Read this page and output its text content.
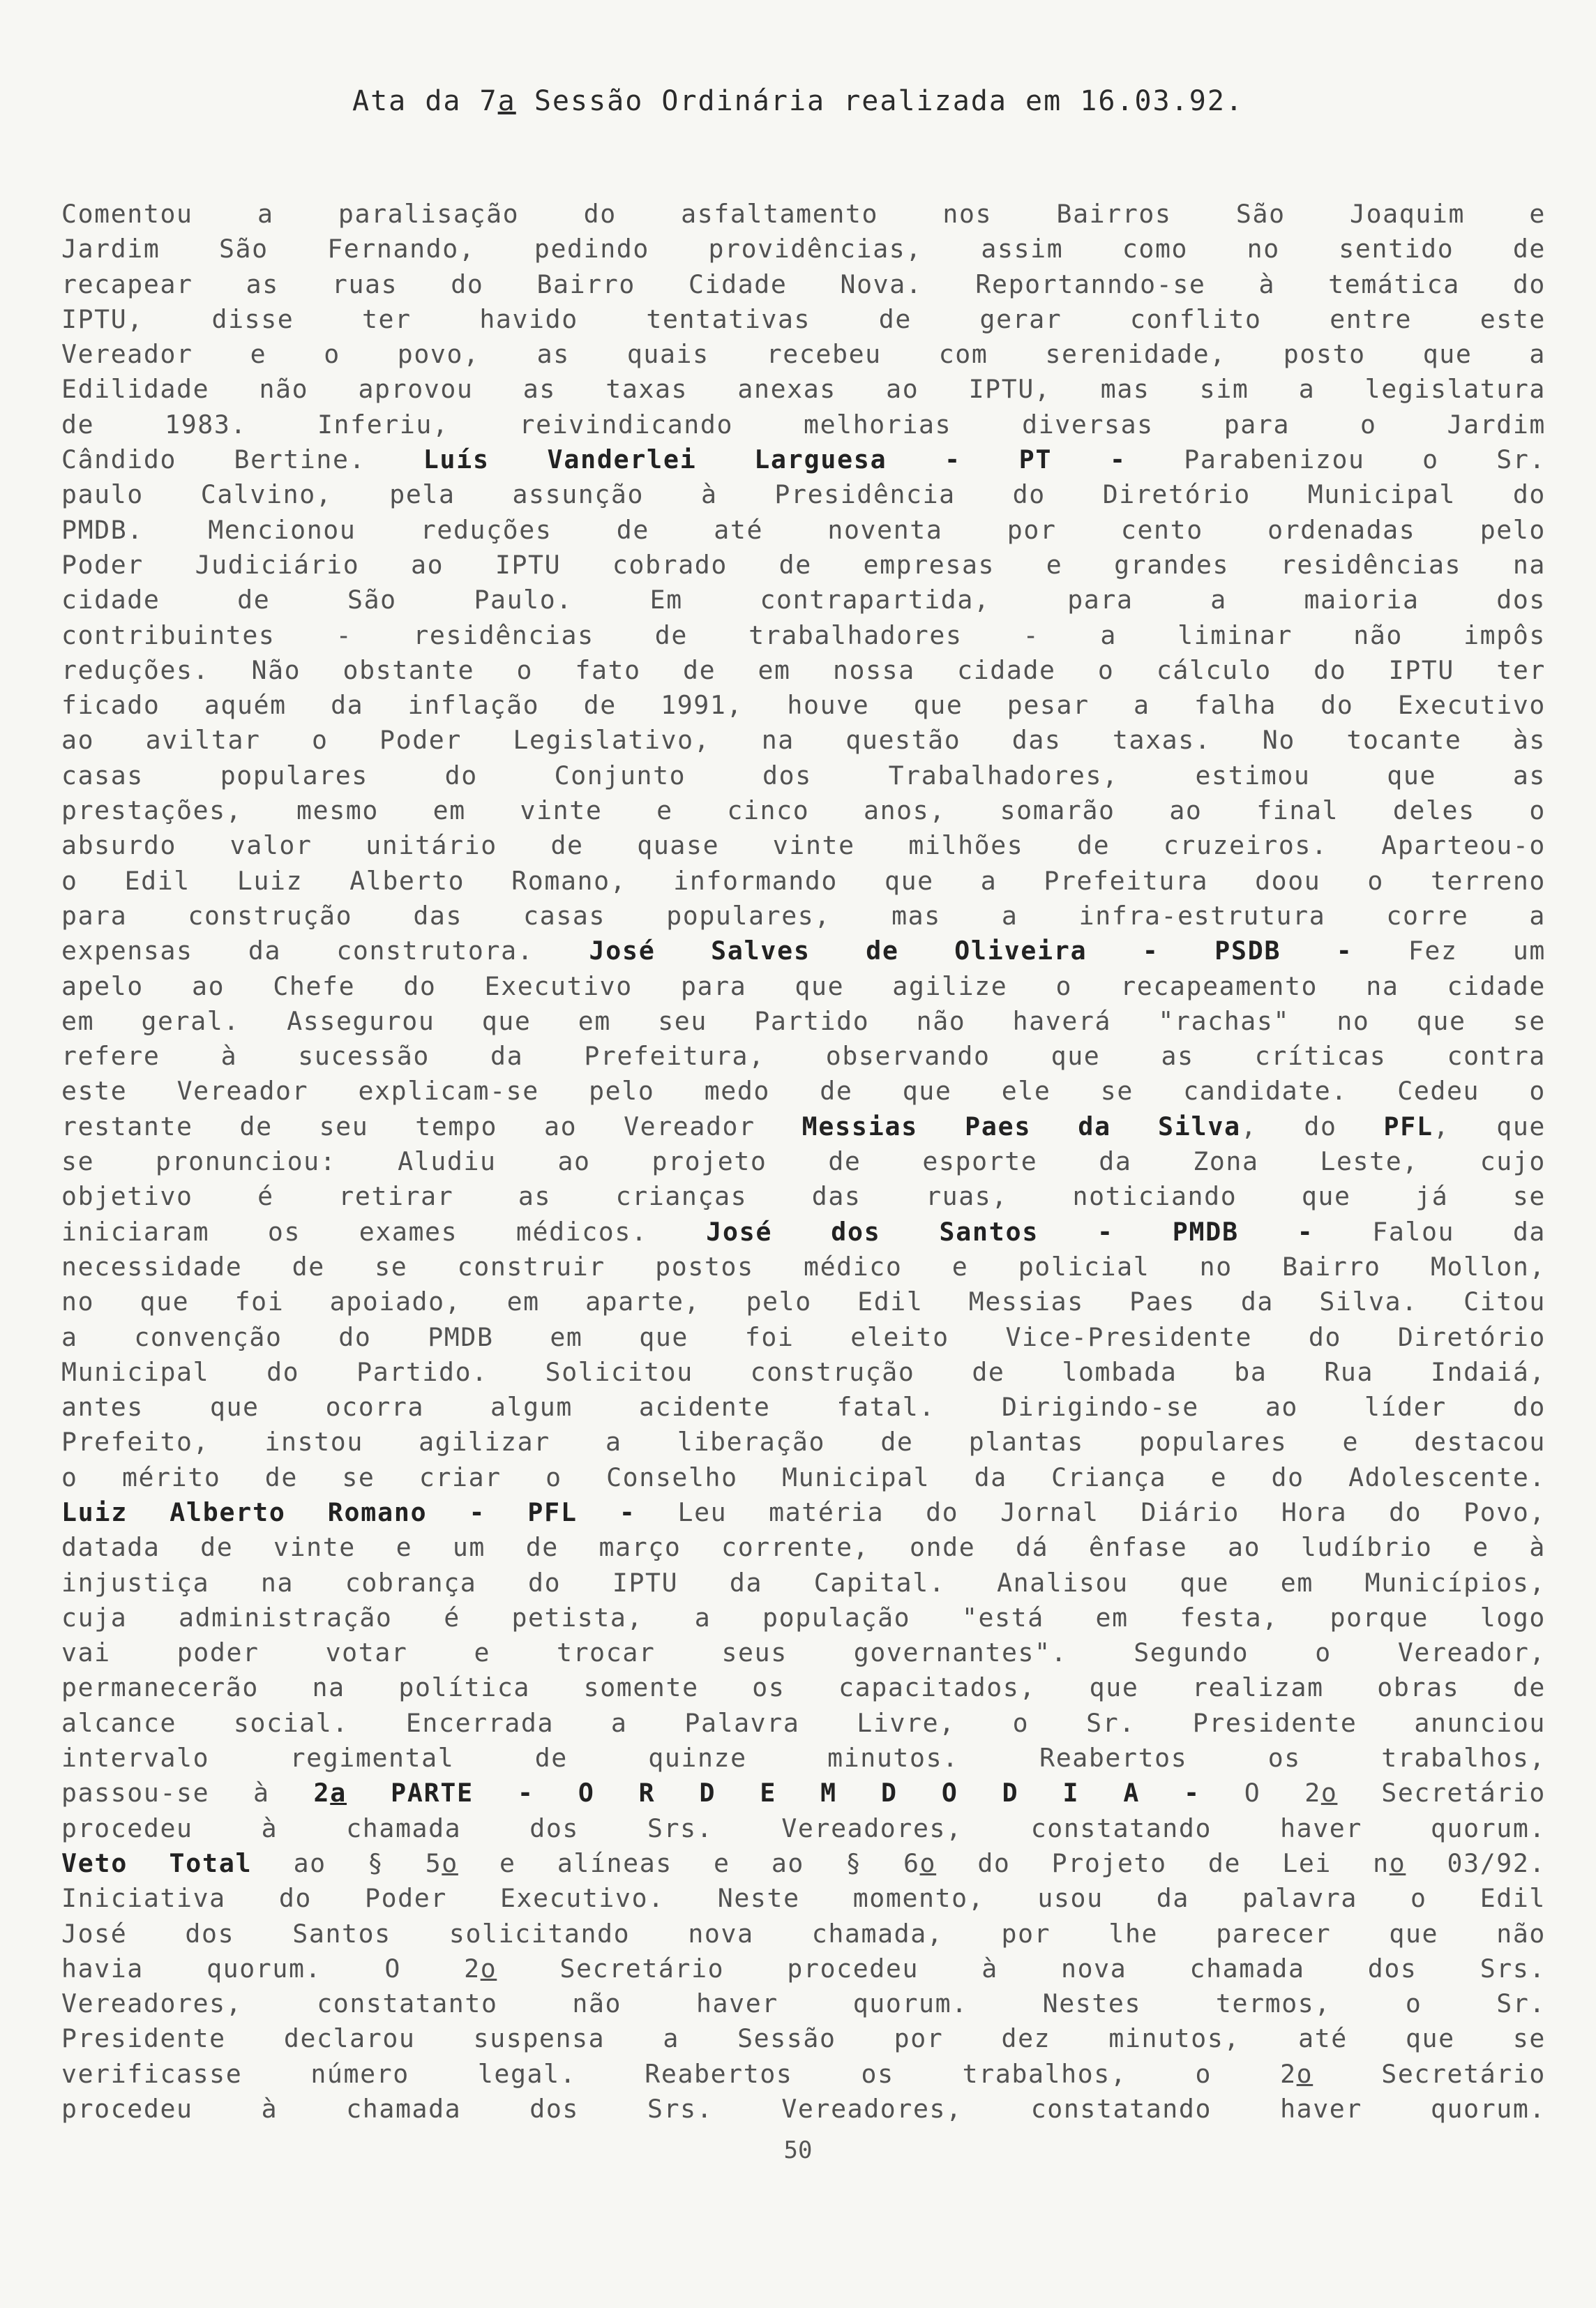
Ata da 7a Sessão Ordinária realizada em 16.03.92.
Comentou a paralisação do asfaltamento nos Bairros São Joaquim e
Jardim São Fernando, pedindo providências, assim como no sentido de
recapear as ruas do Bairro Cidade Nova. Reportanndo-se à temática do
IPTU, disse ter havido tentativas de gerar conflito entre este
Vereador e o povo, as quais recebeu com serenidade, posto que a
Edilidade não aprovou as taxas anexas ao IPTU, mas sim a legislatura
de 1983. Inferiu, reivindicando melhorias diversas para o Jardim
Cândido Bertine. Luís Vanderlei Larguesa - PT - Parabenizou o Sr.
paulo Calvino, pela assunção à Presidência do Diretório Municipal do
PMDB. Mencionou reduções de até noventa por cento ordenadas pelo
Poder Judiciário ao IPTU cobrado de empresas e grandes residências na
cidade de São Paulo. Em contrapartida, para a maioria dos
contribuintes - residências de trabalhadores - a liminar não impôs
reduções. Não obstante o fato de em nossa cidade o cálculo do IPTU ter
ficado aquém da inflação de 1991, houve que pesar a falha do Executivo
ao aviltar o Poder Legislativo, na questão das taxas. No tocante às
casas populares do Conjunto dos Trabalhadores, estimou que as
prestações, mesmo em vinte e cinco anos, somarão ao final deles o
absurdo valor unitário de quase vinte milhões de cruzeiros. Aparteou-o
o Edil Luiz Alberto Romano, informando que a Prefeitura doou o terreno
para construção das casas populares, mas a infra-estrutura corre a
expensas da construtora. José Salves de Oliveira - PSDB - Fez um
apelo ao Chefe do Executivo para que agilize o recapeamento na cidade
em geral. Assegurou que em seu Partido não haverá "rachas" no que se
refere à sucessão da Prefeitura, observando que as críticas contra
este Vereador explicam-se pelo medo de que ele se candidate. Cedeu o
restante de seu tempo ao Vereador Messias Paes da Silva, do PFL, que
se pronunciou: Aludiu ao projeto de esporte da Zona Leste, cujo
objetivo é retirar as crianças das ruas, noticiando que já se
iniciaram os exames médicos. José dos Santos - PMDB - Falou da
necessidade de se construir postos médico e policial no Bairro Mollon,
no que foi apoiado, em aparte, pelo Edil Messias Paes da Silva. Citou
a convenção do PMDB em que foi eleito Vice-Presidente do Diretório
Municipal do Partido. Solicitou construção de lombada ba Rua Indaiá,
antes que ocorra algum acidente fatal. Dirigindo-se ao líder do
Prefeito, instou agilizar a liberação de plantas populares e destacou
o mérito de se criar o Conselho Municipal da Criança e do Adolescente.
Luiz Alberto Romano - PFL - Leu matéria do Jornal Diário Hora do Povo,
datada de vinte e um de março corrente, onde dá ênfase ao ludíbrio e à
injustiça na cobrança do IPTU da Capital. Analisou que em Municípios,
cuja administração é petista, a população "está em festa, porque logo
vai poder votar e trocar seus governantes". Segundo o Vereador,
permanecerão na política somente os capacitados, que realizam obras de
alcance social. Encerrada a Palavra Livre, o Sr. Presidente anunciou
intervalo regimental de quinze minutos. Reabertos os trabalhos,
passou-se à 2a PARTE - O R D E M D O D I A - O 2o Secretário
procedeu à chamada dos Srs. Vereadores, constatando haver quorum.
Veto Total ao § 5o e alíneas e ao § 6o do Projeto de Lei no 03/92.
Iniciativa do Poder Executivo. Neste momento, usou da palavra o Edil
José dos Santos solicitando nova chamada, por lhe parecer que não
havia quorum. O 2o Secretário procedeu à nova chamada dos Srs.
Vereadores, constatanto não haver quorum. Nestes termos, o Sr.
Presidente declarou suspensa a Sessão por dez minutos, até que se
verificasse número legal. Reabertos os trabalhos, o 2o Secretário
procedeu à chamada dos Srs. Vereadores, constatando haver quorum.
50
